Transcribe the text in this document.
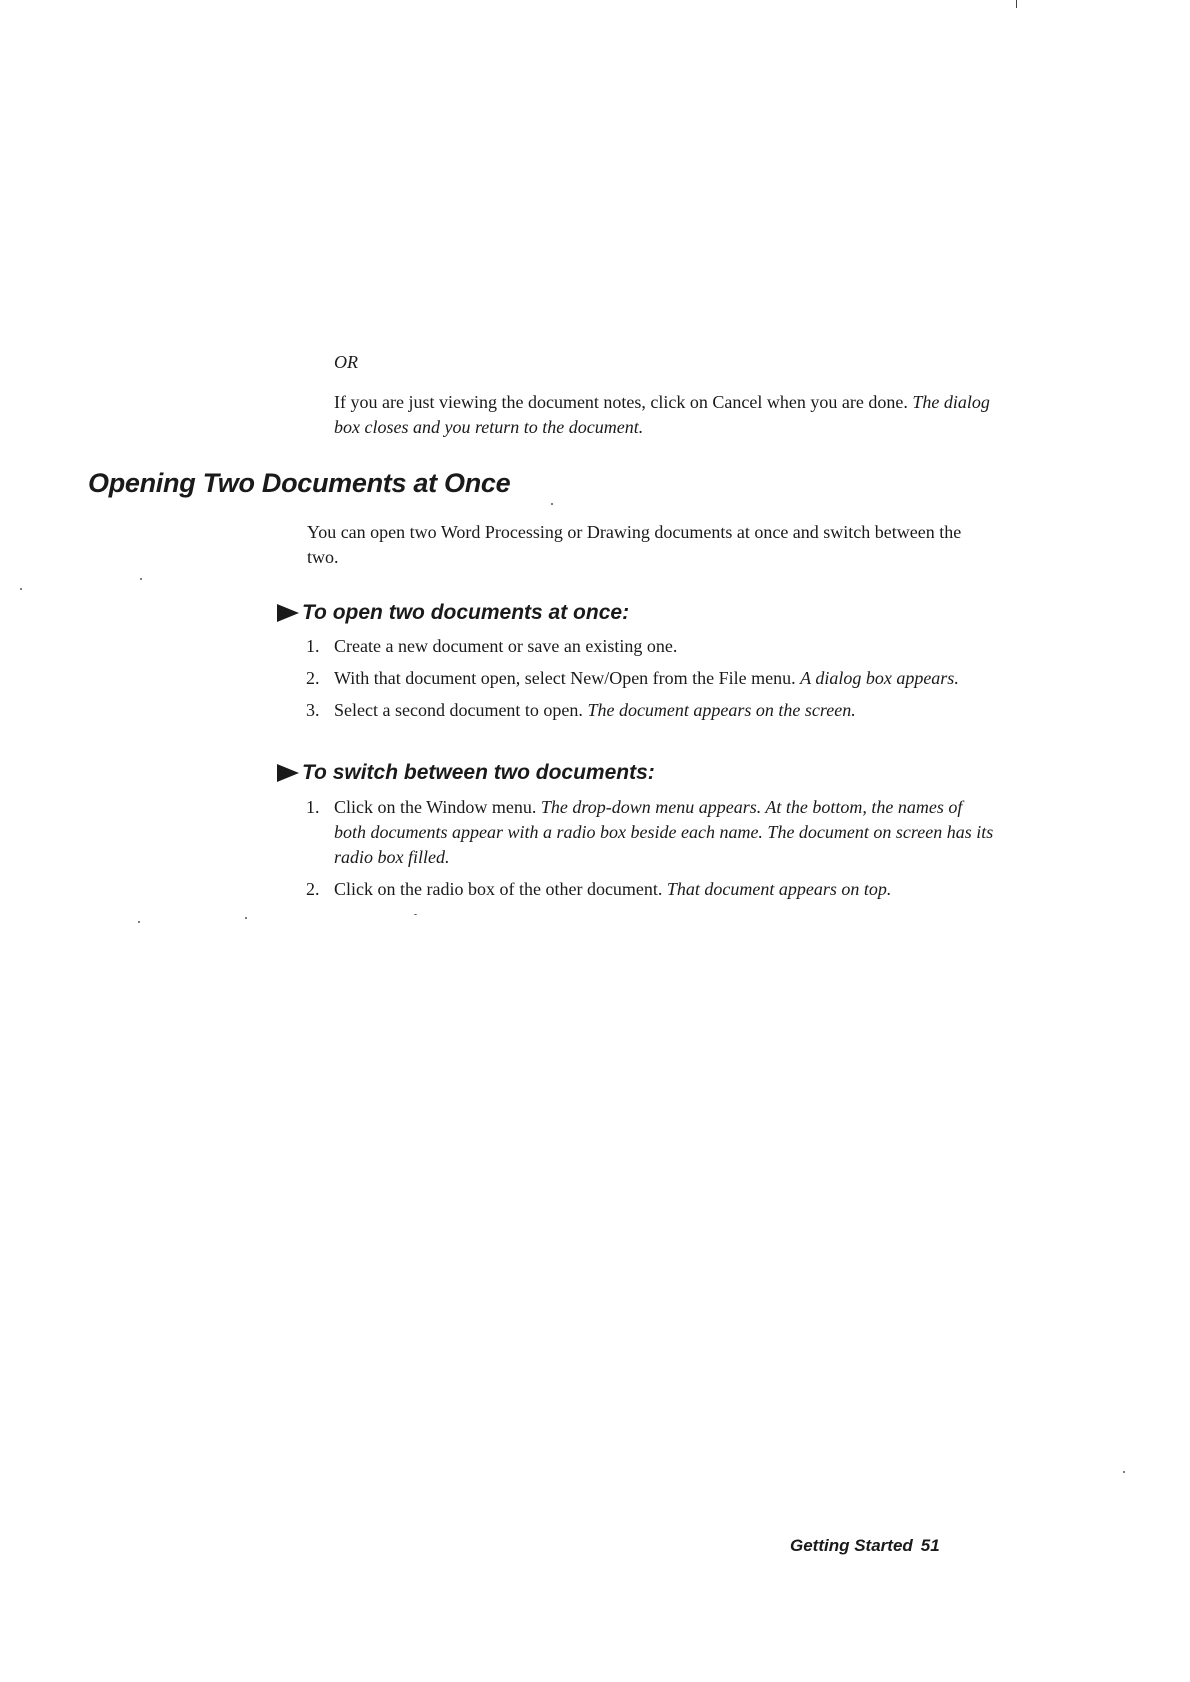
OR
If you are just viewing the document notes, click on Cancel when you are done. The dialog box closes and you return to the document.
Opening Two Documents at Once
You can open two Word Processing or Drawing documents at once and switch between the two.
To open two documents at once:
1. Create a new document or save an existing one.
2. With that document open, select New/Open from the File menu. A dialog box appears.
3. Select a second document to open. The document appears on the screen.
To switch between two documents:
1. Click on the Window menu. The drop-down menu appears. At the bottom, the names of both documents appear with a radio box beside each name. The document on screen has its radio box filled.
2. Click on the radio box of the other document. That document appears on top.
Getting Started 51
